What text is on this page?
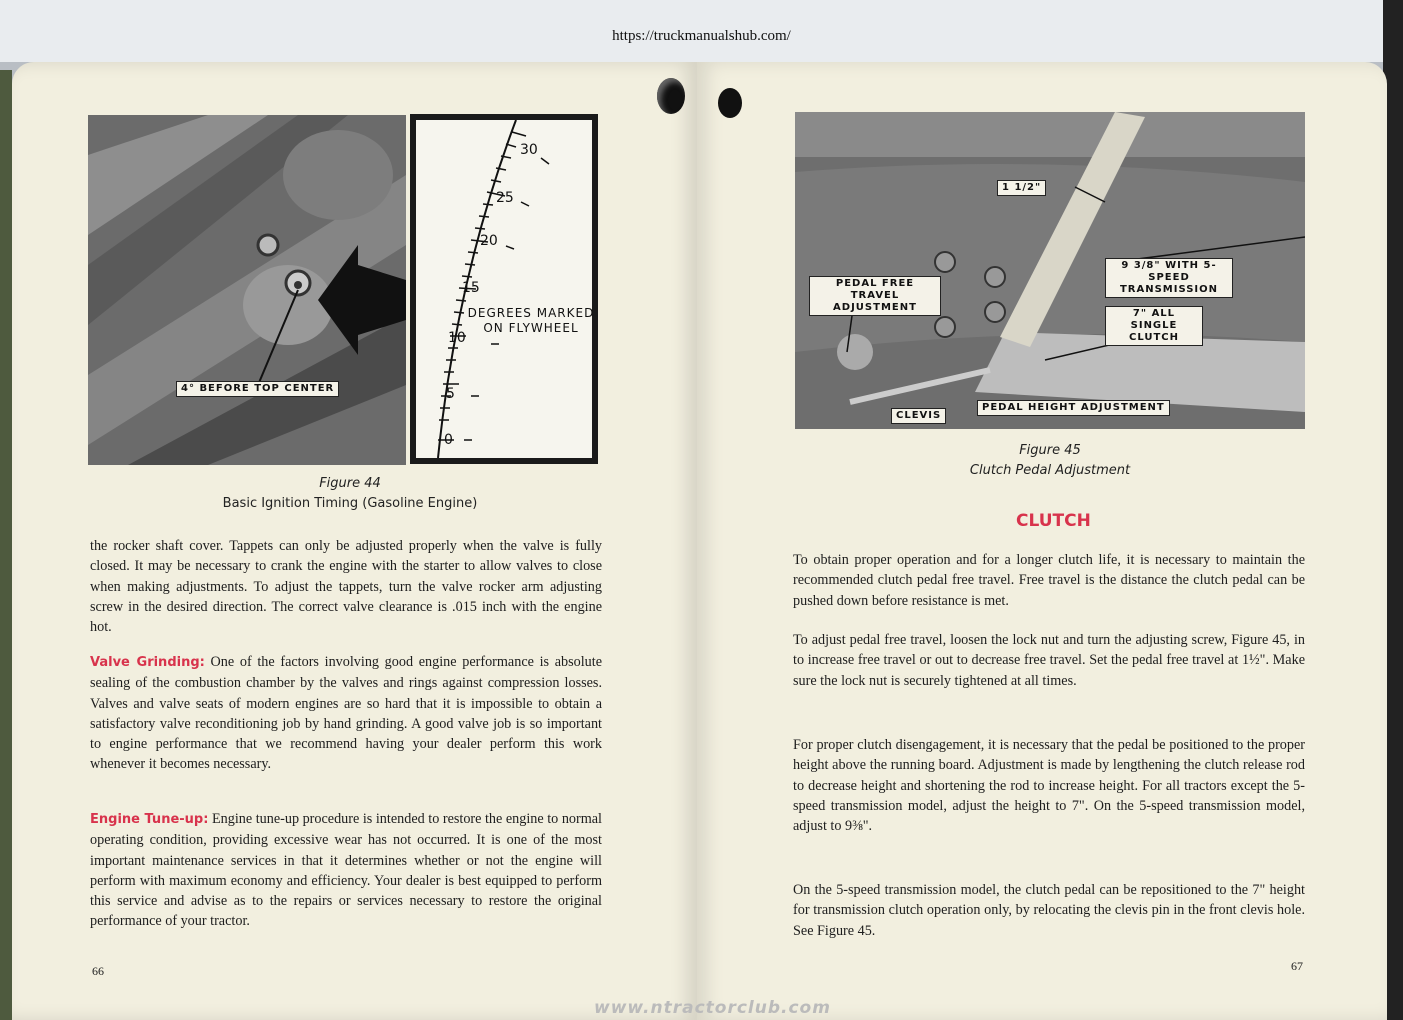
https://truckmanualshub.com/
4° BEFORE TOP CENTER
30
25
20
15
10
5
0
DEGREES MARKED ON FLYWHEEL
Figure 44
Basic Ignition Timing (Gasoline Engine)
the rocker shaft cover. Tappets can only be adjusted properly when the valve is fully closed. It may be necessary to crank the engine with the starter to allow valves to close when making adjustments. To adjust the tappets, turn the valve rocker arm adjusting screw in the desired direction. The correct valve clearance is .015 inch with the engine hot.
Valve Grinding: One of the factors involving good engine performance is absolute sealing of the combustion chamber by the valves and rings against compression losses. Valves and valve seats of modern engines are so hard that it is impossible to obtain a satisfactory valve reconditioning job by hand grinding. A good valve job is so important to engine performance that we recommend having your dealer perform this work whenever it becomes necessary.
Engine Tune-up: Engine tune-up procedure is intended to restore the engine to normal operating condition, providing excessive wear has not occurred. It is one of the most important maintenance services in that it determines whether or not the engine will perform with maximum economy and efficiency. Your dealer is best equipped to perform this service and advise as to the repairs or services necessary to restore the original performance of your tractor.
66
1 1/2"
9 3/8" WITH 5-SPEED TRANSMISSION
PEDAL FREE TRAVEL ADJUSTMENT
7" ALL SINGLE CLUTCH
PEDAL HEIGHT ADJUSTMENT
CLEVIS
Figure 45
Clutch Pedal Adjustment
CLUTCH
To obtain proper operation and for a longer clutch life, it is necessary to maintain the recommended clutch pedal free travel. Free travel is the distance the clutch pedal can be pushed down before resistance is met.
To adjust pedal free travel, loosen the lock nut and turn the adjusting screw, Figure 45, in to increase free travel or out to decrease free travel. Set the pedal free travel at 1½". Make sure the lock nut is securely tightened at all times.
For proper clutch disengagement, it is necessary that the pedal be positioned to the proper height above the running board. Adjustment is made by lengthening the clutch release rod to decrease height and shortening the rod to increase height. For all tractors except the 5-speed transmission model, adjust the height to 7". On the 5-speed transmission model, adjust to 9⅜".
On the 5-speed transmission model, the clutch pedal can be repositioned to the 7" height for transmission clutch operation only, by relocating the clevis pin in the front clevis hole. See Figure 45.
67
www.ntractorclub.com
